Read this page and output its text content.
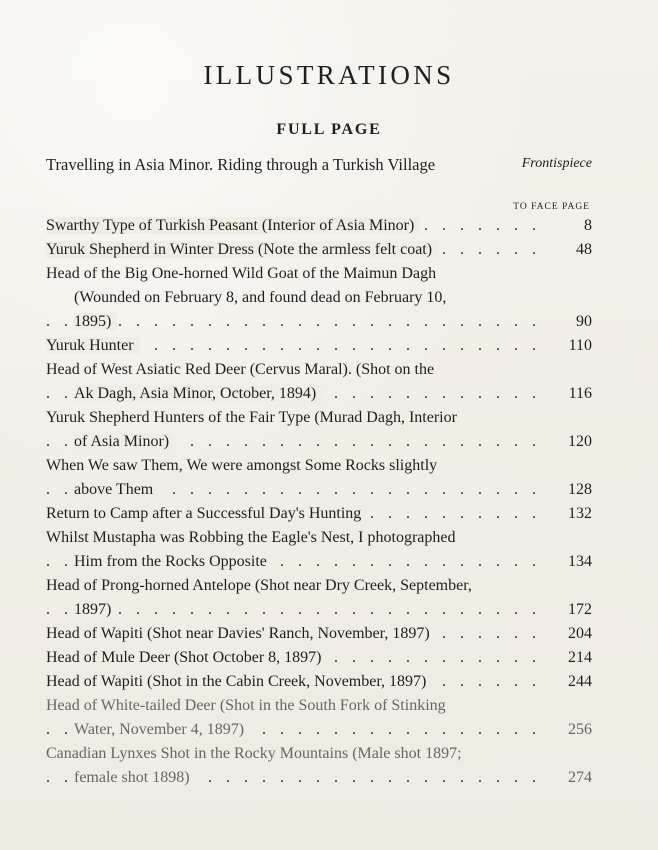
ILLUSTRATIONS
FULL PAGE
Travelling in Asia Minor. Riding through a Turkish Village	Frontispiece
TO FACE PAGE
Swarthy Type of Turkish Peasant (Interior of Asia Minor)	8
. . .
Yuruk Shepherd in Winter Dress (Note the armless felt coat)	48
. . .
Head of the Big One-horned Wild Goat of the Maimun Dagh
(Wounded on February 8, and found dead on February 10,
1895)	90
. . .
Yuruk Hunter	110
. . .
Head of West Asiatic Red Deer (Cervus Maral). (Shot on the
Ak Dagh, Asia Minor, October, 1894)	116
. . .
Yuruk Shepherd Hunters of the Fair Type (Murad Dagh, Interior
of Asia Minor)	120
. . .
When We saw Them, We were amongst Some Rocks slightly
above Them	128
. . .
Return to Camp after a Successful Day's Hunting	132
. . .
Whilst Mustapha was Robbing the Eagle's Nest, I photographed
Him from the Rocks Opposite	134
. . .
Head of Prong-horned Antelope (Shot near Dry Creek, September,
1897)	172
. . .
Head of Wapiti (Shot near Davies' Ranch, November, 1897)	204
. . .
Head of Mule Deer (Shot October 8, 1897)	214
. . .
Head of Wapiti (Shot in the Cabin Creek, November, 1897)	244
. . .
Head of White-tailed Deer (Shot in the South Fork of Stinking
Water, November 4, 1897)	256
. . .
Canadian Lynxes Shot in the Rocky Mountains (Male shot 1897;
female shot 1898)	274
. . .
